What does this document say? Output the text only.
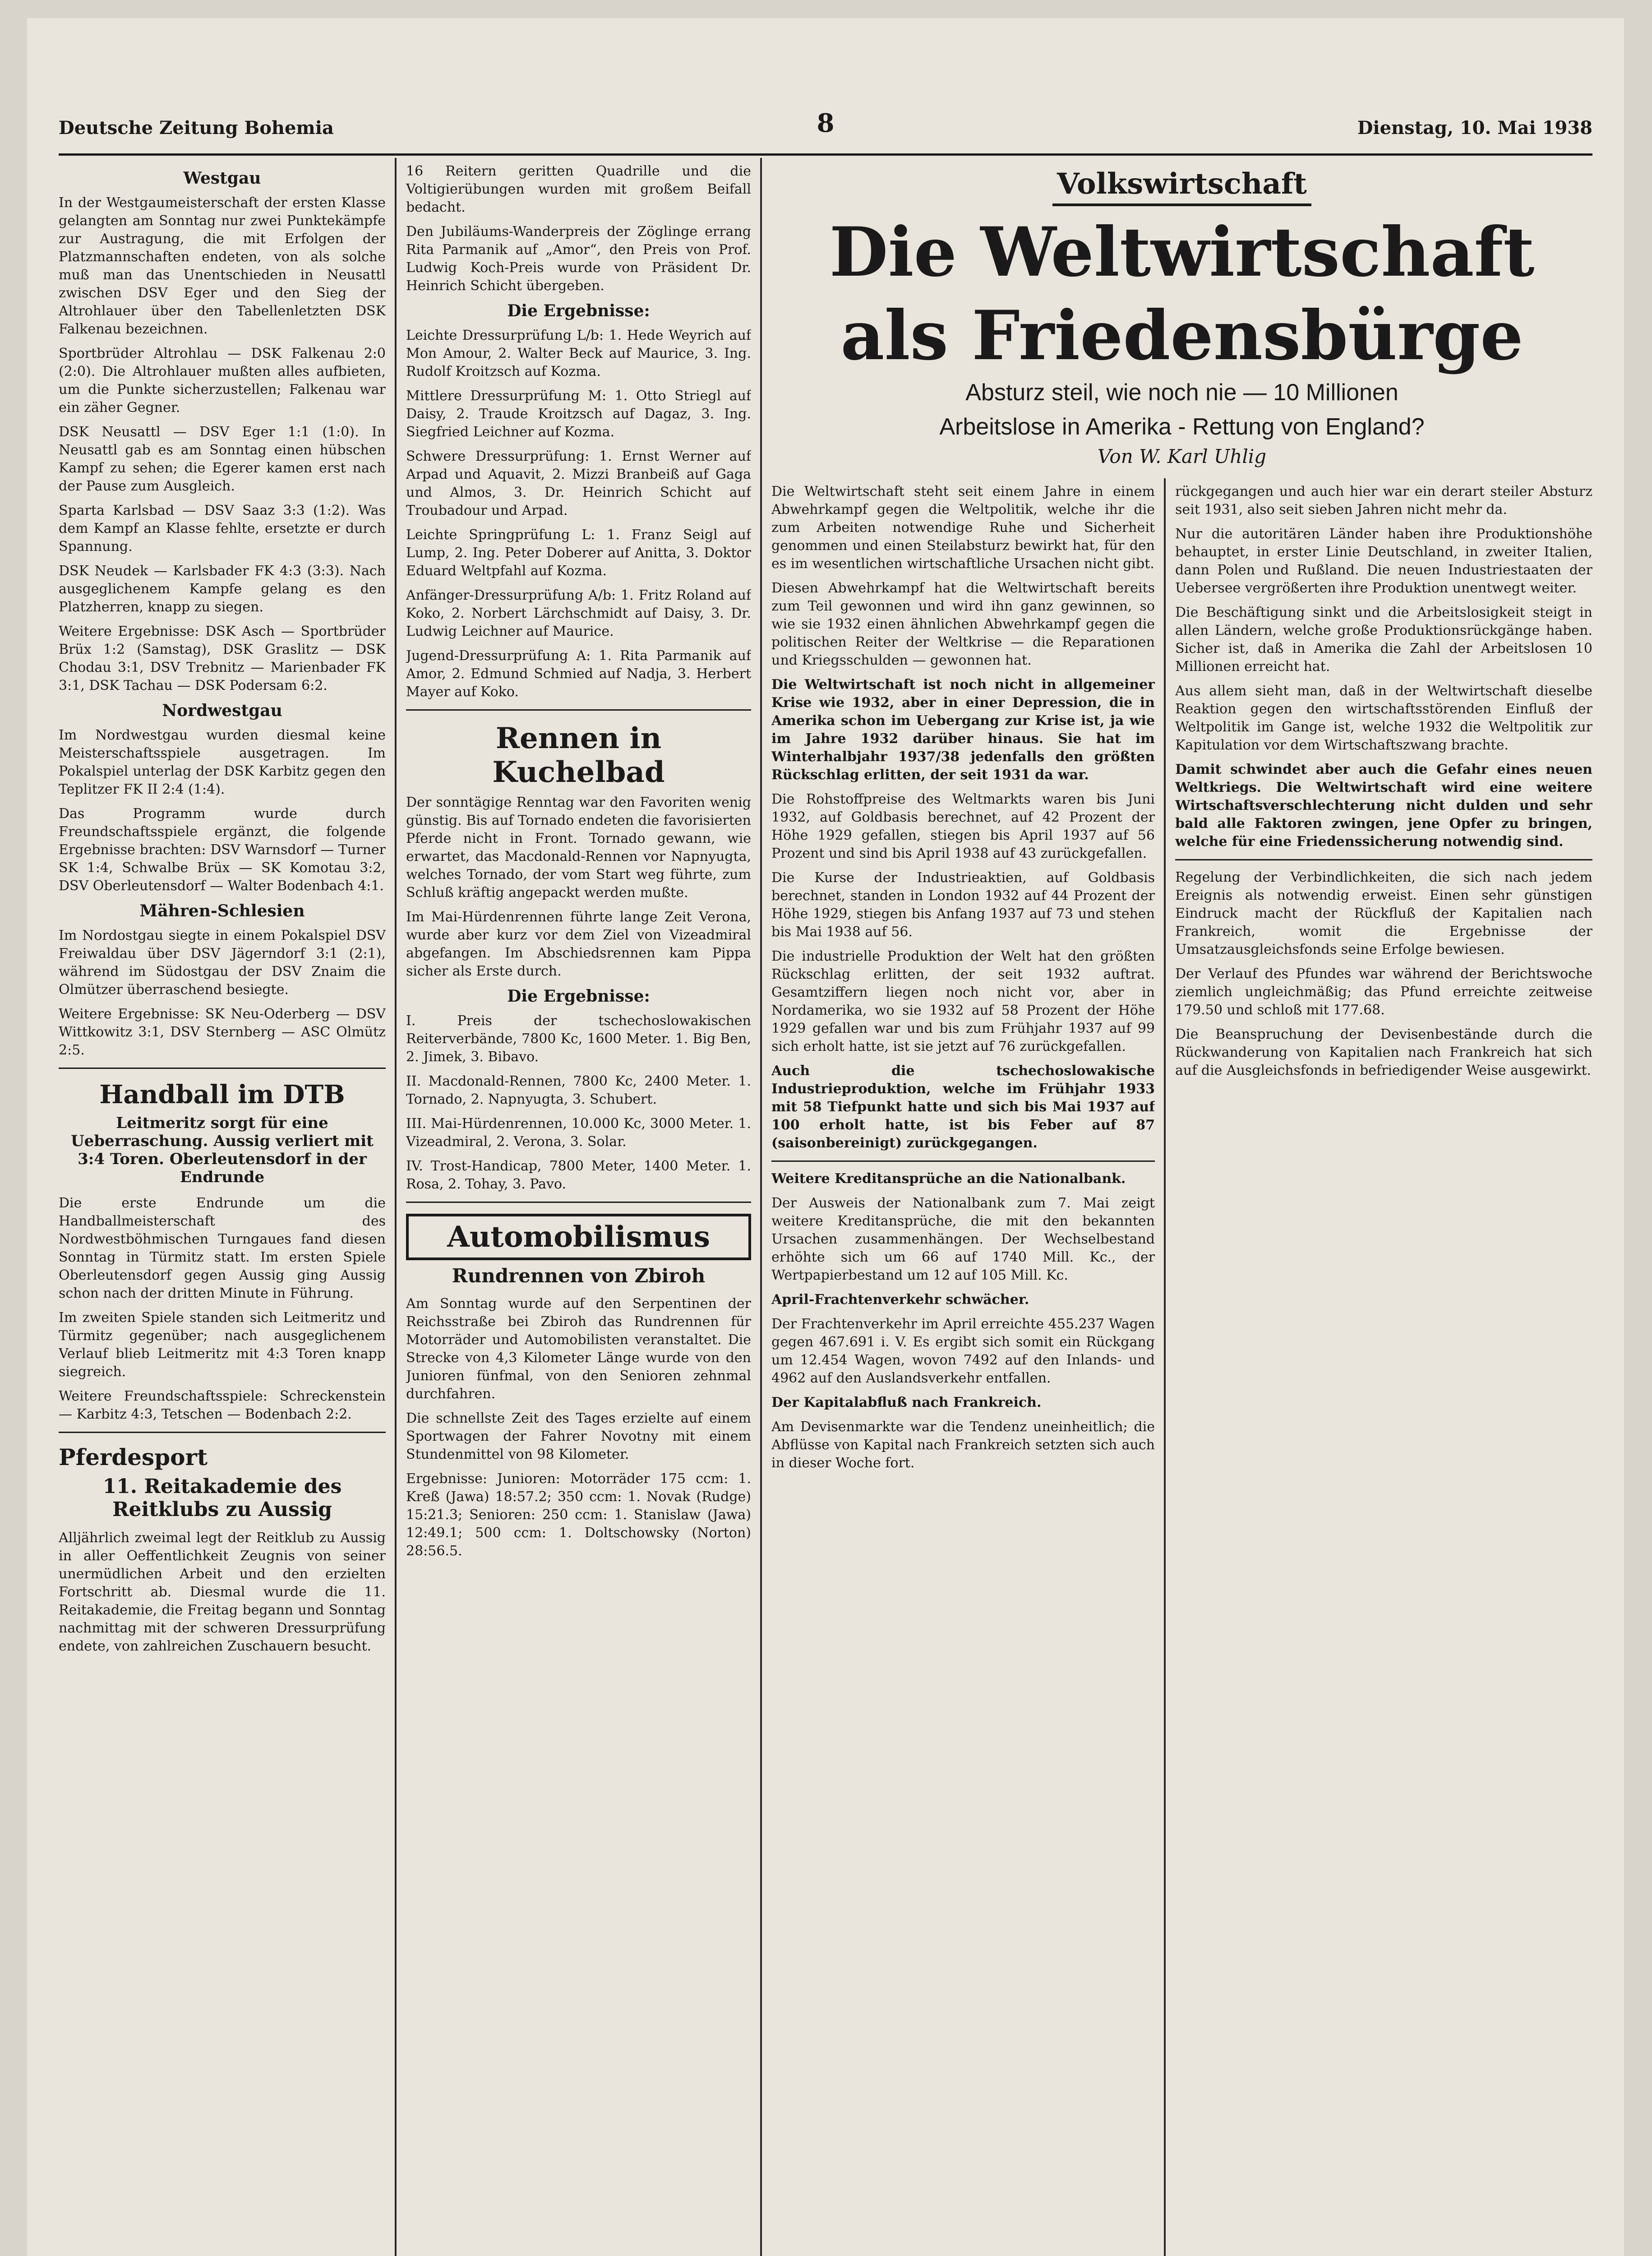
Deutsche Zeitung Bohemia	8	Dienstag, 10. Mai 1938
Westgau

In der Westgaumeisterschaft der ersten Klasse gelangten am Sonntag nur zwei Punktekämpfe zur Austragung, die mit Erfolgen der Platzmannschaften endeten, von als solche muß man das Unentschieden in Neusattl zwischen DSV Eger und den Sieg der Altrohlauer über den Tabellenletzten DSK Falkenau bezeichnen.

Sportbrüder Altrohlau — DSK Falkenau 2:0 (2:0). Die Altrohlauer mußten alles aufbieten, um die Punkte sicherzustellen; Falkenau war ein zäher Gegner.

DSK Neusattl — DSV Eger 1:1 (1:0). In Neusattl gab es am Sonntag einen hübschen Kampf zu sehen; die Egerer kamen erst nach der Pause zum Ausgleich.

Sparta Karlsbad — DSV Saaz 3:3 (1:2). Was dem Kampf an Klasse fehlte, ersetzte er durch Spannung.

DSK Neudek — Karlsbader FK 4:3 (3:3). Nach ausgeglichenem Kampfe gelang es den Platzherren, knapp zu siegen.

Weitere Ergebnisse: DSK Asch — Sportbrüder Brüx 1:2 (Samstag), DSK Graslitz — DSK Chodau 3:1, DSV Trebnitz — Marienbader FK 3:1, DSK Tachau — DSK Podersam 6:2.

Nordwestgau

Im Nordwestgau wurden diesmal keine Meisterschaftsspiele ausgetragen. Im Pokalspiel unterlag der DSK Karbitz gegen den Teplitzer FK II 2:4 (1:4).

Das Programm wurde durch Freundschaftsspiele ergänzt, die folgende Ergebnisse brachten: DSV Warnsdorf — Turner SK 1:4, Schwalbe Brüx — SK Komotau 3:2, DSV Oberleutensdorf — Walter Bodenbach 4:1.

Mähren-Schlesien

Im Nordostgau siegte in einem Pokalspiel DSV Freiwaldau über DSV Jägerndorf 3:1 (2:1), während im Südostgau der DSV Znaim die Olmützer überraschend besiegte.

Weitere Ergebnisse: SK Neu-Oderberg — DSV Wittkowitz 3:1, DSV Sternberg — ASC Olmütz 2:5.

Handball im DTB
Leitmeritz sorgt für eine Ueberraschung. Aussig verliert mit 3:4 Toren. Oberleutensdorf in der Endrunde

Die erste Endrunde um die Handballmeisterschaft des Nordwestböhmischen Turngaues fand diesen Sonntag in Türmitz statt. Im ersten Spiele Oberleutensdorf gegen Aussig ging Aussig schon nach der dritten Minute in Führung.

Im zweiten Spiele standen sich Leitmeritz und Türmitz gegenüber; nach ausgeglichenem Verlauf blieb Leitmeritz mit 4:3 Toren knapp siegreich.

Weitere Freundschaftsspiele: Schreckenstein — Karbitz 4:3, Tetschen — Bodenbach 2:2.

Pferdesport
11. Reitakademie des Reitklubs zu Aussig

Alljährlich zweimal legt der Reitklub zu Aussig in aller Oeffentlichkeit Zeugnis von seiner unermüdlichen Arbeit und den erzielten Fortschritt ab. Diesmal wurde die 11. Reitakademie, die Freitag begann und Sonntag nachmittag mit der schweren Dressurprüfung endete, von zahlreichen Zuschauern besucht.

16 Reitern geritten Quadrille und die Voltigierübungen wurden mit großem Beifall bedacht.

Den Jubiläums-Wanderpreis der Zöglinge errang Rita Parmanik auf „Amor“, den Preis von Prof. Ludwig Koch-Preis wurde von Präsident Dr. Heinrich Schicht übergeben.

Die Ergebnisse:

Leichte Dressurprüfung L/b: 1. Hede Weyrich auf Mon Amour, 2. Walter Beck auf Maurice, 3. Ing. Rudolf Kroitzsch auf Kozma.

Mittlere Dressurprüfung M: 1. Otto Striegl auf Daisy, 2. Traude Kroitzsch auf Dagaz, 3. Ing. Siegfried Leichner auf Kozma.

Schwere Dressurprüfung: 1. Ernst Werner auf Arpad und Aquavit, 2. Mizzi Branbeiß auf Gaga und Almos, 3. Dr. Heinrich Schicht auf Troubadour und Arpad.

Leichte Springprüfung L: 1. Franz Seigl auf Lump, 2. Ing. Peter Doberer auf Anitta, 3. Doktor Eduard Weltpfahl auf Kozma.

Anfänger-Dressurprüfung A/b: 1. Fritz Roland auf Koko, 2. Norbert Lärchschmidt auf Daisy, 3. Dr. Ludwig Leichner auf Maurice.

Jugend-Dressurprüfung A: 1. Rita Parmanik auf Amor, 2. Edmund Schmied auf Nadja, 3. Herbert Mayer auf Koko.

Rennen in Kuchelbad

Der sonntägige Renntag war den Favoriten wenig günstig. Bis auf Tornado endeten die favorisierten Pferde nicht in Front. Tornado gewann, wie erwartet, das Macdonald-Rennen vor Napnyugta, welches Tornado, der vom Start weg führte, zum Schluß kräftig angepackt werden mußte.

Im Mai-Hürdenrennen führte lange Zeit Verona, wurde aber kurz vor dem Ziel von Vizeadmiral abgefangen. Im Abschiedsrennen kam Pippa sicher als Erste durch.

Die Ergebnisse:

I. Preis der tschechoslowakischen Reiterverbände, 7800 Kc, 1600 Meter. 1. Big Ben, 2. Jimek, 3. Bibavo.

II. Macdonald-Rennen, 7800 Kc, 2400 Meter. 1. Tornado, 2. Napnyugta, 3. Schubert.

III. Mai-Hürdenrennen, 10.000 Kc, 3000 Meter. 1. Vizeadmiral, 2. Verona, 3. Solar.

IV. Trost-Handicap, 7800 Meter, 1400 Meter. 1. Rosa, 2. Tohay, 3. Pavo.

Automobilismus
Rundrennen von Zbiroh

Am Sonntag wurde auf den Serpentinen der Reichsstraße bei Zbiroh das Rundrennen für Motorräder und Automobilisten veranstaltet. Die Strecke von 4,3 Kilometer Länge wurde von den Junioren fünfmal, von den Senioren zehnmal durchfahren.

Die schnellste Zeit des Tages erzielte auf einem Sportwagen der Fahrer Novotny mit einem Stundenmittel von 98 Kilometer.

Ergebnisse: Junioren: Motorräder 175 ccm: 1. Kreß (Jawa) 18:57.2; 350 ccm: 1. Novak (Rudge) 15:21.3; Senioren: 250 ccm: 1. Stanislaw (Jawa) 12:49.1; 500 ccm: 1. Doltschowsky (Norton) 28:56.5.

Volkswirtschaft
Die Weltwirtschaft
als Friedensbürge
Absturz steil, wie noch nie — 10 Millionen
Arbeitslose in Amerika - Rettung von England?
Von W. Karl Uhlig

Die Weltwirtschaft steht seit einem Jahre in einem Abwehrkampf gegen die Weltpolitik, welche ihr die zum Arbeiten notwendige Ruhe und Sicherheit genommen und einen Steilabsturz bewirkt hat, für den es im wesentlichen wirtschaftliche Ursachen nicht gibt.

Diesen Abwehrkampf hat die Weltwirtschaft bereits zum Teil gewonnen und wird ihn ganz gewinnen, so wie sie 1932 einen ähnlichen Abwehrkampf gegen die politischen Reiter der Weltkrise — die Reparationen und Kriegsschulden — gewonnen hat.

Die Weltwirtschaft ist noch nicht in allgemeiner Krise wie 1932, aber in einer Depression, die in Amerika schon im Uebergang zur Krise ist, ja wie im Jahre 1932 darüber hinaus. Sie hat im Winterhalbjahr 1937/38 jedenfalls den größten Rückschlag erlitten, der seit 1931 da war.

Die Rohstoffpreise des Weltmarkts waren bis Juni 1932, auf Goldbasis berechnet, auf 42 Prozent der Höhe 1929 gefallen, stiegen bis April 1937 auf 56 Prozent und sind bis April 1938 auf 43 zurückgefallen.

Die Kurse der Industrieaktien, auf Goldbasis berechnet, standen in London 1932 auf 44 Prozent der Höhe 1929, stiegen bis Anfang 1937 auf 73 und stehen bis Mai 1938 auf 56.

Die industrielle Produktion der Welt hat den größten Rückschlag erlitten, der seit 1932 auftrat. Gesamtziffern liegen noch nicht vor, aber in Nordamerika, wo sie 1932 auf 58 Prozent der Höhe 1929 gefallen war und bis zum Frühjahr 1937 auf 99 sich erholt hatte, ist sie jetzt auf 76 zurückgefallen.

Auch die tschechoslowakische Industrieproduktion, welche im Frühjahr 1933 mit 58 Tiefpunkt hatte und sich bis Mai 1937 auf 100 erholt hatte, ist bis Feber auf 87 (saisonbereinigt) zurückgegangen.

Weitere Kreditansprüche an die Nationalbank.

Der Ausweis der Nationalbank zum 7. Mai zeigt weitere Kreditansprüche, die mit den bekannten Ursachen zusammenhängen. Der Wechselbestand erhöhte sich um 66 auf 1740 Mill. Kc., der Wertpapierbestand um 12 auf 105 Mill. Kc.

April-Frachtenverkehr schwächer.

Der Frachtenverkehr im April erreichte 455.237 Wagen gegen 467.691 i. V. Es ergibt sich somit ein Rückgang um 12.454 Wagen, wovon 7492 auf den Inlands- und 4962 auf den Auslandsverkehr entfallen.

Der Kapitalabfluß nach Frankreich.

Am Devisenmarkte war die Tendenz uneinheitlich; die Abflüsse von Kapital nach Frankreich setzten sich auch in dieser Woche fort.

rückgegangen und auch hier war ein derart steiler Absturz seit 1931, also seit sieben Jahren nicht mehr da.

Nur die autoritären Länder haben ihre Produktionshöhe behauptet, in erster Linie Deutschland, in zweiter Italien, dann Polen und Rußland. Die neuen Industriestaaten der Uebersee vergrößerten ihre Produktion unentwegt weiter.

Die Beschäftigung sinkt und die Arbeitslosigkeit steigt in allen Ländern, welche große Produktionsrückgänge haben. Sicher ist, daß in Amerika die Zahl der Arbeitslosen 10 Millionen erreicht hat.

Aus allem sieht man, daß in der Weltwirtschaft dieselbe Reaktion gegen den wirtschaftsstörenden Einfluß der Weltpolitik im Gange ist, welche 1932 die Weltpolitik zur Kapitulation vor dem Wirtschaftszwang brachte.

Damit schwindet aber auch die Gefahr eines neuen Weltkriegs. Die Weltwirtschaft wird eine weitere Wirtschaftsverschlechterung nicht dulden und sehr bald alle Faktoren zwingen, jene Opfer zu bringen, welche für eine Friedenssicherung notwendig sind.

Regelung der Verbindlichkeiten, die sich nach jedem Ereignis als notwendig erweist. Einen sehr günstigen Eindruck macht der Rückfluß der Kapitalien nach Frankreich, womit die Ergebnisse der Umsatzausgleichsfonds seine Erfolge bewiesen.

Der Verlauf des Pfundes war während der Berichtswoche ziemlich ungleichmäßig; das Pfund erreichte zeitweise 179.50 und schloß mit 177.68.

Die Beanspruchung der Devisenbestände durch die Rückwanderung von Kapitalien nach Frankreich hat sich auf die Ausgleichsfonds in befriedigender Weise ausgewirkt.
